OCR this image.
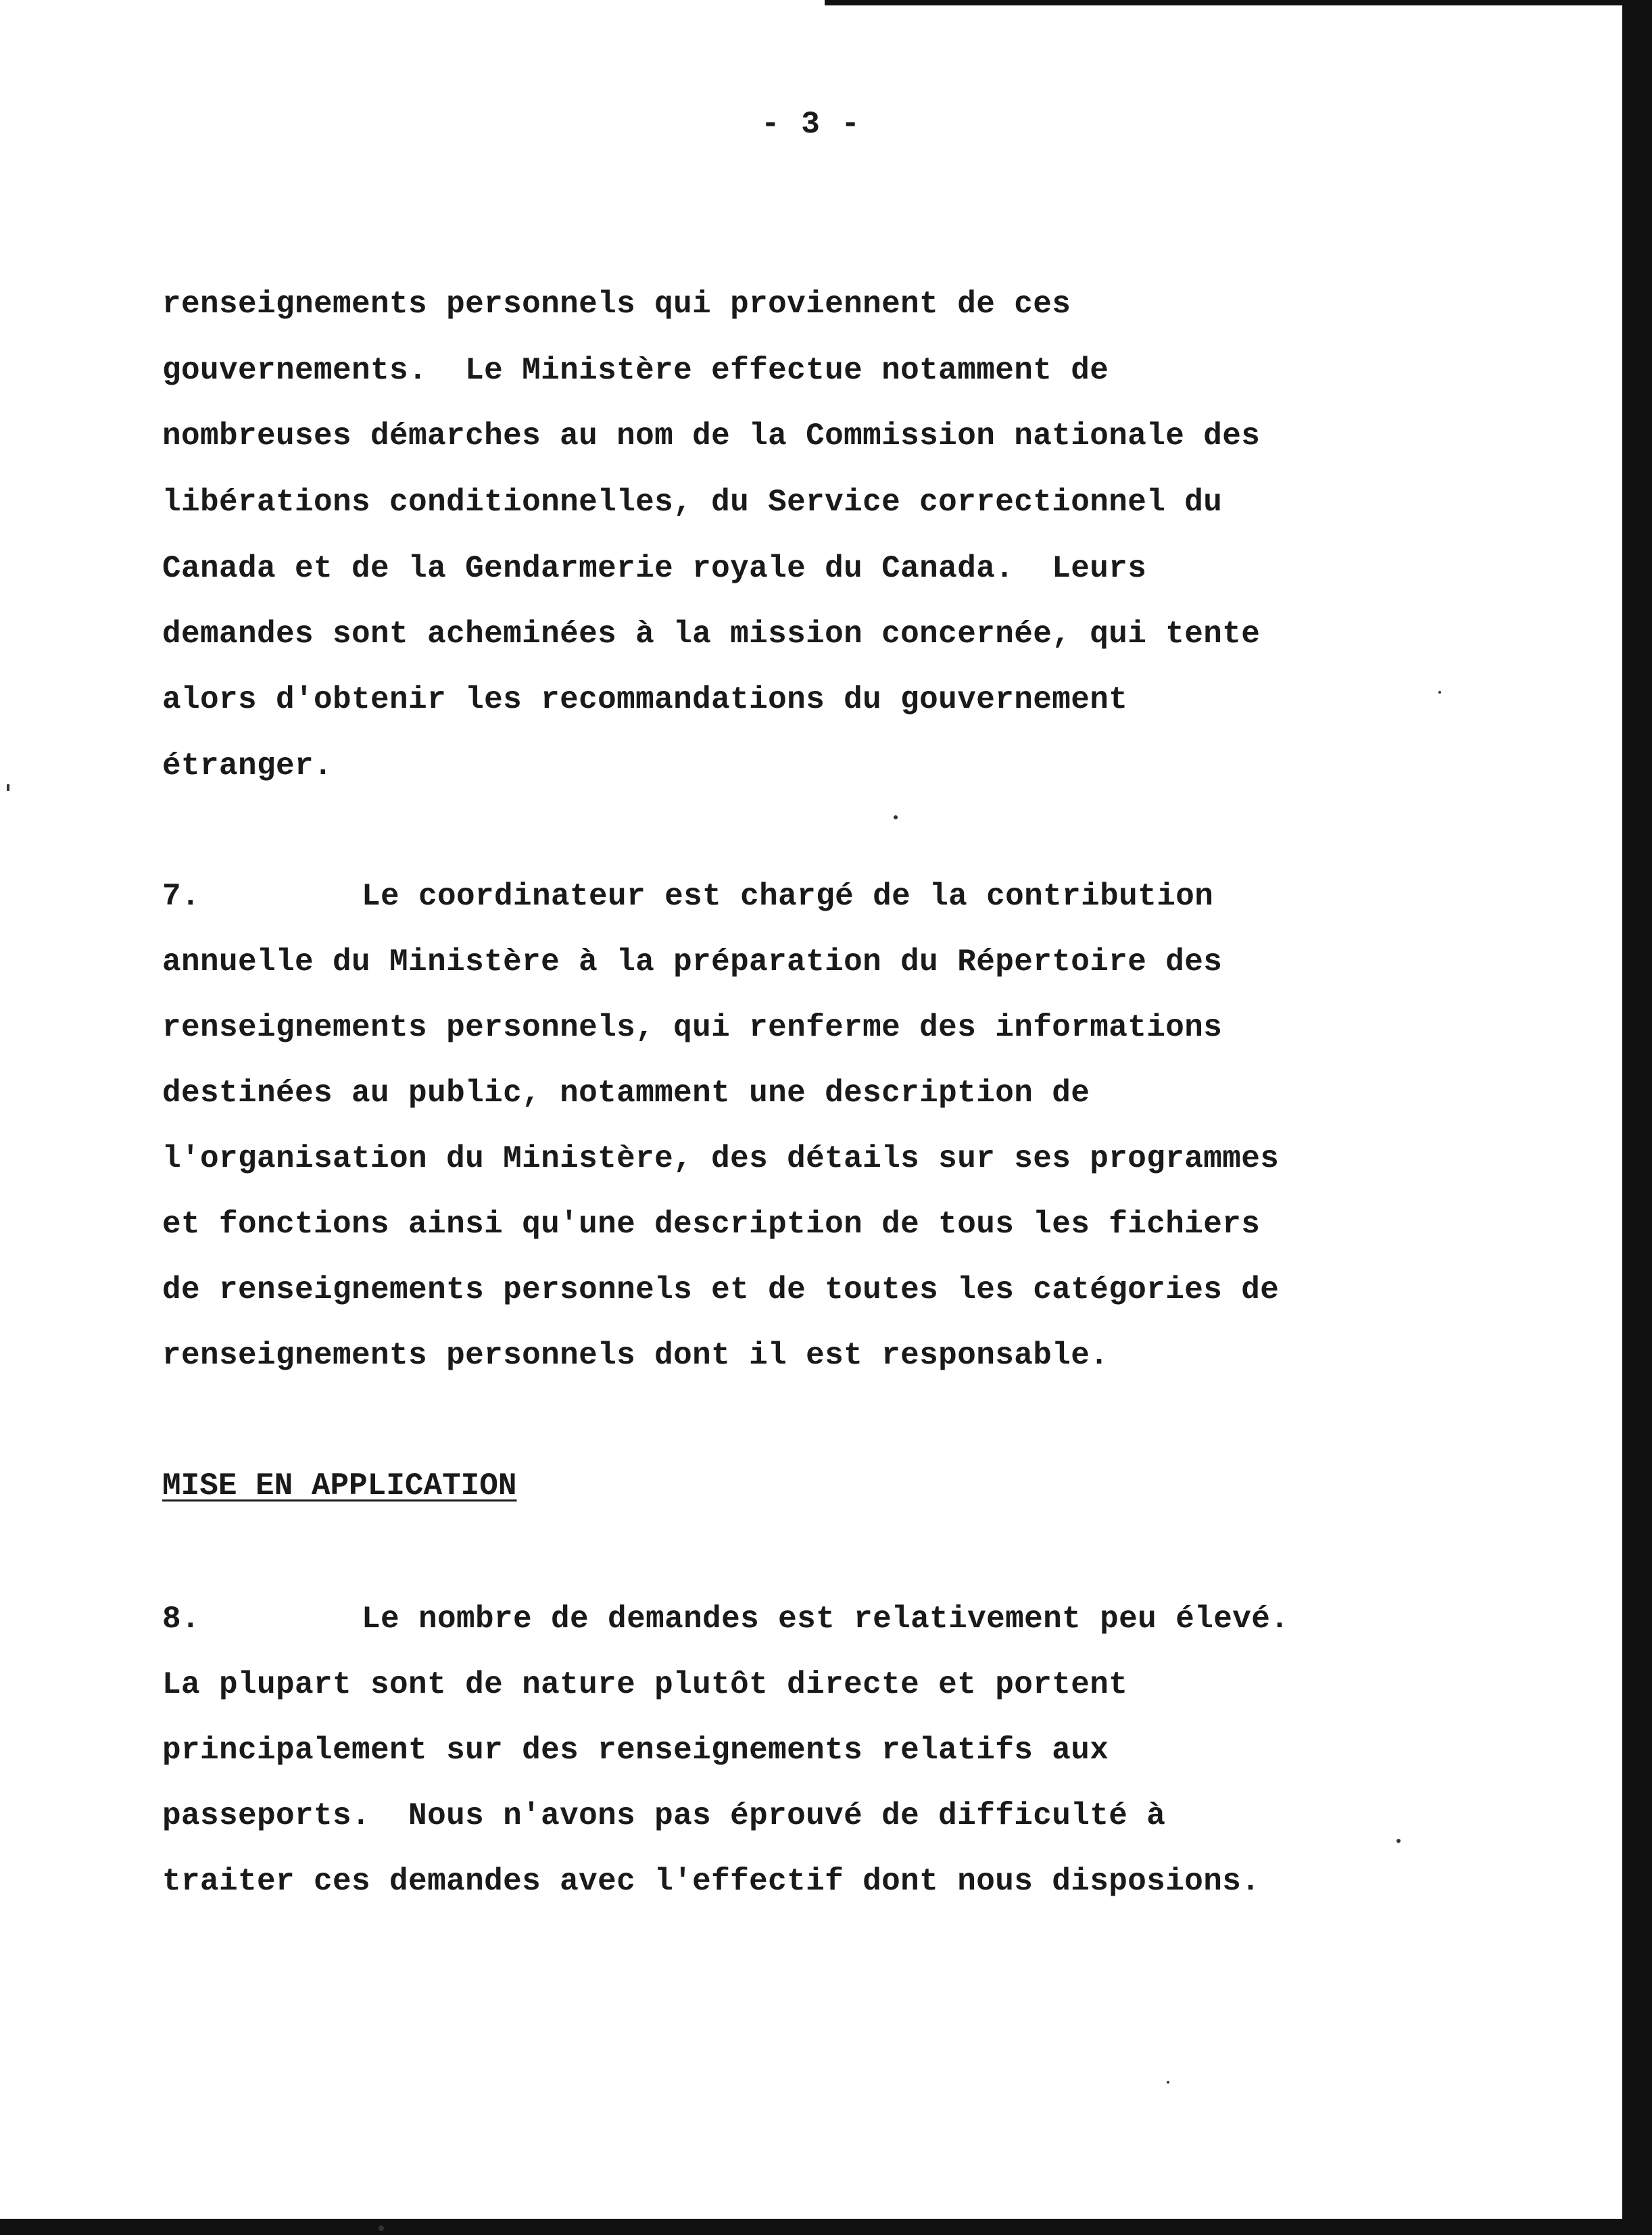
- 3 -

renseignements personnels qui proviennent de ces

gouvernements.  Le Ministère effectue notamment de

nombreuses démarches au nom de la Commission nationale des

libérations conditionnelles, du Service correctionnel du

Canada et de la Gendarmerie royale du Canada.  Leurs

demandes sont acheminées à la mission concernée, qui tente

alors d'obtenir les recommandations du gouvernement

étranger.

7.	Le coordinateur est chargé de la contribution

annuelle du Ministère à la préparation du Répertoire des

renseignements personnels, qui renferme des informations

destinées au public, notamment une description de

l'organisation du Ministère, des détails sur ses programmes

et fonctions ainsi qu'une description de tous les fichiers

de renseignements personnels et de toutes les catégories de

renseignements personnels dont il est responsable.

MISE EN APPLICATION

8.	Le nombre de demandes est relativement peu élevé.

La plupart sont de nature plutôt directe et portent

principalement sur des renseignements relatifs aux

passeports.  Nous n'avons pas éprouvé de difficulté à

traiter ces demandes avec l'effectif dont nous disposions.
